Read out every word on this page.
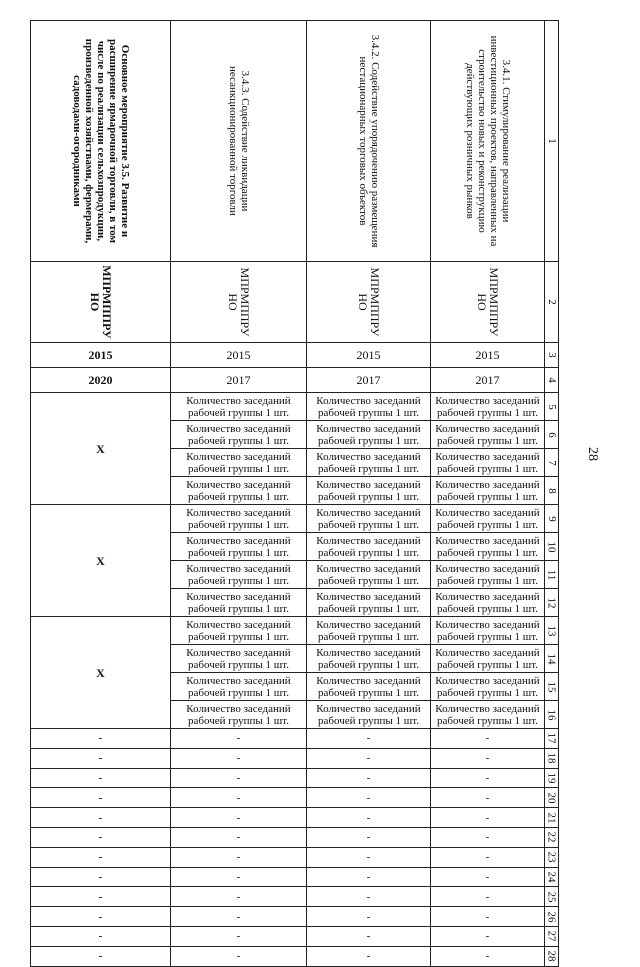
28
Основное мероприятие 3.5. Развитие и расширение ярмарочной торговли, в том числе по реализации сельхозпродукции, произведенной хозяйствами, фермерами, садоводами-огородниками	3.4.3. Содействие ликвидации несанкционированной торговли	3.4.2. Содействие упорядочению размещения нестационарных торговых объектов	3.4.1. Стимулирование реализации инвестиционных проектов, направленных на строительство новых и реконструкцию действующих розничных рынков	1

МПРМППРУ НО	МПРМППРУ НО	МПРМППРУ НО	МПРМППРУ НО	2
2015	2015	2015	2015	3
2020	2017	2017	2017	4
Х	Количество заседаний рабочей группы 1 шт.	Количество заседаний рабочей группы 1 шт.	Количество заседаний рабочей группы 1 шт.	5
	Количество заседаний рабочей группы 1 шт.	Количество заседаний рабочей группы 1 шт.	Количество заседаний рабочей группы 1 шт.	6
	Количество заседаний рабочей группы 1 шт.	Количество заседаний рабочей группы 1 шт.	Количество заседаний рабочей группы 1 шт.	7
	Количество заседаний рабочей группы 1 шт.	Количество заседаний рабочей группы 1 шт.	Количество заседаний рабочей группы 1 шт.	8
Х	Количество заседаний рабочей группы 1 шт.	Количество заседаний рабочей группы 1 шт.	Количество заседаний рабочей группы 1 шт.	9
	Количество заседаний рабочей группы 1 шт.	Количество заседаний рабочей группы 1 шт.	Количество заседаний рабочей группы 1 шт.	10
	Количество заседаний рабочей группы 1 шт.	Количество заседаний рабочей группы 1 шт.	Количество заседаний рабочей группы 1 шт.	11
	Количество заседаний рабочей группы 1 шт.	Количество заседаний рабочей группы 1 шт.	Количество заседаний рабочей группы 1 шт.	12
Х	Количество заседаний рабочей группы 1 шт.	Количество заседаний рабочей группы 1 шт.	Количество заседаний рабочей группы 1 шт.	13
	Количество заседаний рабочей группы 1 шт.	Количество заседаний рабочей группы 1 шт.	Количество заседаний рабочей группы 1 шт.	14
	Количество заседаний рабочей группы 1 шт.	Количество заседаний рабочей группы 1 шт.	Количество заседаний рабочей группы 1 шт.	15
	Количество заседаний рабочей группы 1 шт.	Количество заседаний рабочей группы 1 шт.	Количество заседаний рабочей группы 1 шт.	16
-	-	-	-	17
-	-	-	-	18
-	-	-	-	19
-	-	-	-	20
-	-	-	-	21
-	-	-	-	22
-	-	-	-	23
-	-	-	-	24
-	-	-	-	25
-	-	-	-	26
-	-	-	-	27
-	-	-	-	28
